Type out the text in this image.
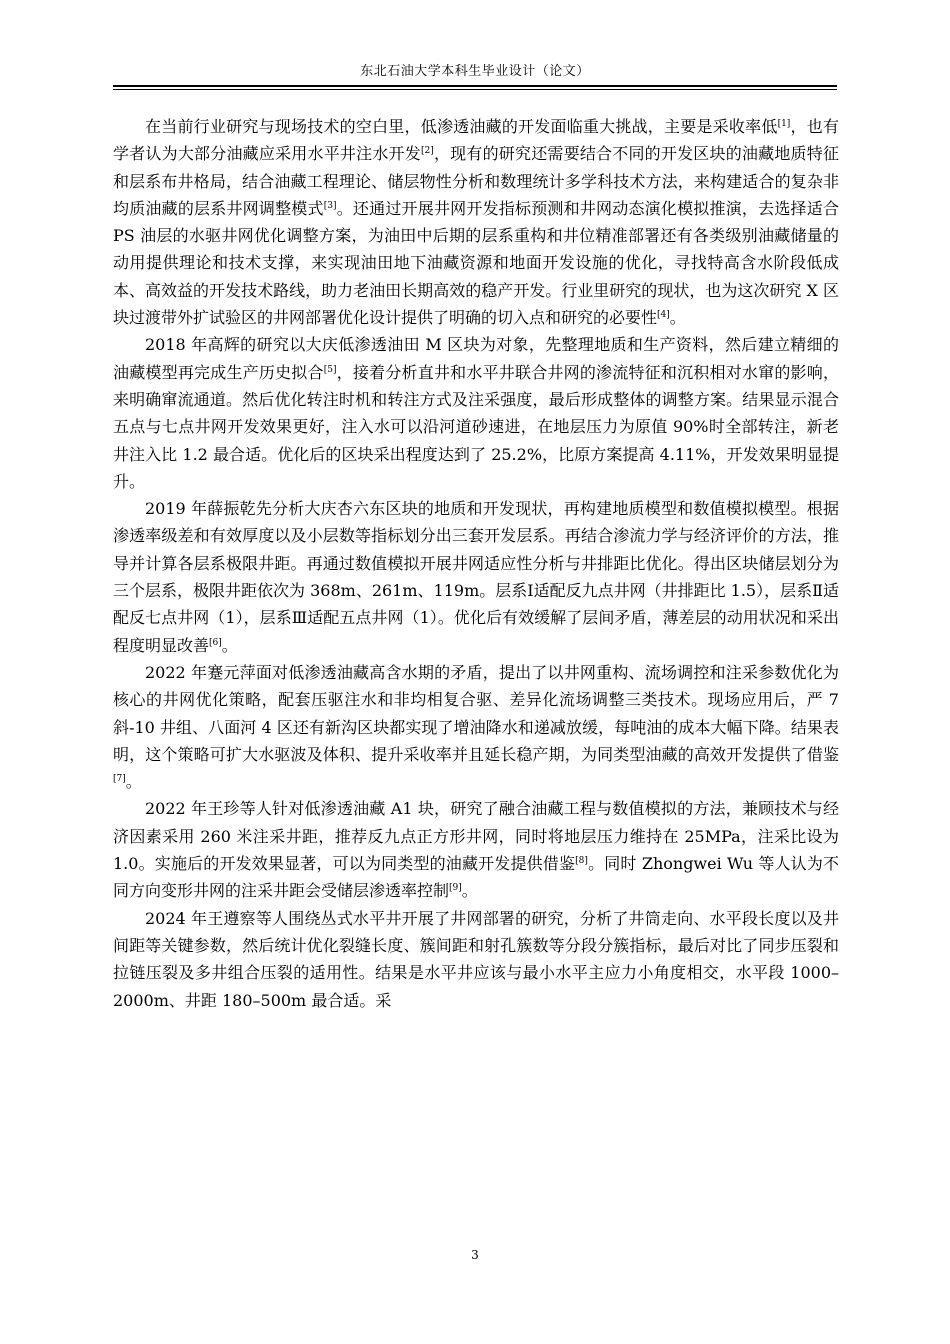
东北石油大学本科生毕业设计（论文）

在当前行业研究与现场技术的空白里，低渗透油藏的开发面临重大挑战，主要是采收率低[1]，也有学者认为大部分油藏应采用水平井注水开发[2]，现有的研究还需要结合不同的开发区块的油藏地质特征和层系布井格局，结合油藏工程理论、储层物性分析和数理统计多学科技术方法，来构建适合的复杂非均质油藏的层系井网调整模式[3]。还通过开展井网开发指标预测和井网动态演化模拟推演，去选择适合 PS 油层的水驱井网优化调整方案，为油田中后期的层系重构和井位精准部署还有各类级别油藏储量的动用提供理论和技术支撑，来实现油田地下油藏资源和地面开发设施的优化，寻找特高含水阶段低成本、高效益的开发技术路线，助力老油田长期高效的稳产开发。行业里研究的现状，也为这次研究 X 区块过渡带外扩试验区的井网部署优化设计提供了明确的切入点和研究的必要性[4]。

2018 年高辉的研究以大庆低渗透油田 M 区块为对象，先整理地质和生产资料，然后建立精细的油藏模型再完成生产历史拟合[5]，接着分析直井和水平井联合井网的渗流特征和沉积相对水窜的影响，来明确窜流通道。然后优化转注时机和转注方式及注采强度，最后形成整体的调整方案。结果显示混合五点与七点井网开发效果更好，注入水可以沿河道砂速进，在地层压力为原值 90%时全部转注，新老井注入比 1.2 最合适。优化后的区块采出程度达到了 25.2%，比原方案提高 4.11%，开发效果明显提升。

2019 年薛振乾先分析大庆杏六东区块的地质和开发现状，再构建地质模型和数值模拟模型。根据渗透率级差和有效厚度以及小层数等指标划分出三套开发层系。再结合渗流力学与经济评价的方法，推导并计算各层系极限井距。再通过数值模拟开展井网适应性分析与井排距比优化。得出区块储层划分为三个层系，极限井距依次为 368m、261m、119m。层系Ⅰ适配反九点井网（井排距比 1.5），层系Ⅱ适配反七点井网（1），层系Ⅲ适配五点井网（1）。优化后有效缓解了层间矛盾，薄差层的动用状况和采出程度明显改善[6]。

2022 年蹇元萍面对低渗透油藏高含水期的矛盾，提出了以井网重构、流场调控和注采参数优化为核心的井网优化策略，配套压驱注水和非均相复合驱、差异化流场调整三类技术。现场应用后，严 7 斜-10 井组、八面河 4 区还有新沟区块都实现了增油降水和递减放缓，每吨油的成本大幅下降。结果表明，这个策略可扩大水驱波及体积、提升采收率并且延长稳产期，为同类型油藏的高效开发提供了借鉴[7]。

2022 年王珍等人针对低渗透油藏 A1 块，研究了融合油藏工程与数值模拟的方法，兼顾技术与经济因素采用 260 米注采井距，推荐反九点正方形井网，同时将地层压力维持在 25MPa，注采比设为 1.0。实施后的开发效果显著，可以为同类型的油藏开发提供借鉴[8]。同时 Zhongwei Wu 等人认为不同方向变形井网的注采井距会受储层渗透率控制[9]。

2024 年王遵察等人围绕丛式水平井开展了井网部署的研究，分析了井筒走向、水平段长度以及井间距等关键参数，然后统计优化裂缝长度、簇间距和射孔簇数等分段分簇指标，最后对比了同步压裂和拉链压裂及多井组合压裂的适用性。结果是水平井应该与最小水平主应力小角度相交，水平段 1000–2000m、井距 180–500m 最合适。采

3
